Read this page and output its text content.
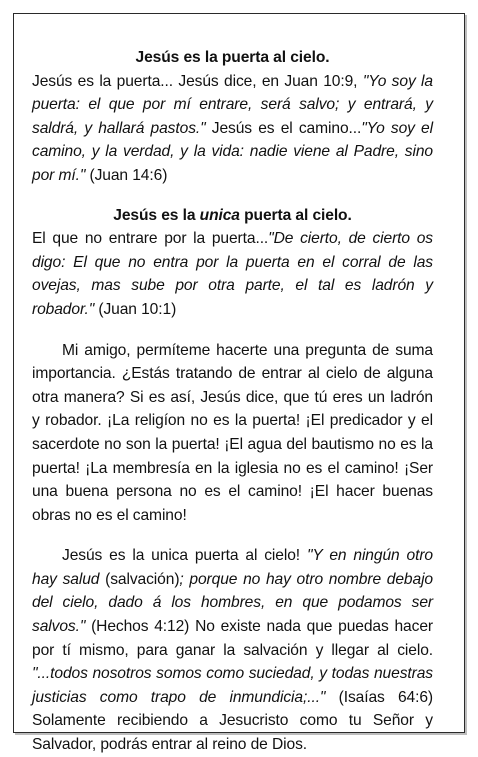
Jesús es la puerta al cielo.

Jesús es la puerta... Jesús dice, en Juan 10:9, "Yo soy la puerta: el que por mí entrare, será salvo; y entrará, y saldrá, y hallará pastos." Jesús es el camino..."Yo soy el camino, y la verdad, y la vida: nadie viene al Padre, sino por mí." (Juan 14:6)

Jesús es la unica puerta al cielo.

El que no entrare por la puerta..."De cierto, de cierto os digo: El que no entra por la puerta en el corral de las ovejas, mas sube por otra parte, el tal es ladrón y robador." (Juan 10:1)

Mi amigo, permíteme hacerte una pregunta de suma importancia. ¿Estás tratando de entrar al cielo de alguna otra manera? Si es así, Jesús dice, que tú eres un ladrón y robador. ¡La religíon no es la puerta! ¡El predicador y el sacerdote no son la puerta! ¡El agua del bautismo no es la puerta! ¡La membresía en la iglesia no es el camino! ¡Ser una buena persona no es el camino! ¡El hacer buenas obras no es el camino!

Jesús es la unica puerta al cielo! "Y en ningún otro hay salud (salvación); porque no hay otro nombre debajo del cielo, dado á los hombres, en que podamos ser salvos." (Hechos 4:12) No existe nada que puedas hacer por tí mismo, para ganar la salvación y llegar al cielo. "...todos nosotros somos como suciedad, y todas nuestras justicias como trapo de inmundicia;..." (Isaías 64:6) Solamente recibiendo a Jesucristo como tu Señor y Salvador, podrás entrar al reino de Dios.
